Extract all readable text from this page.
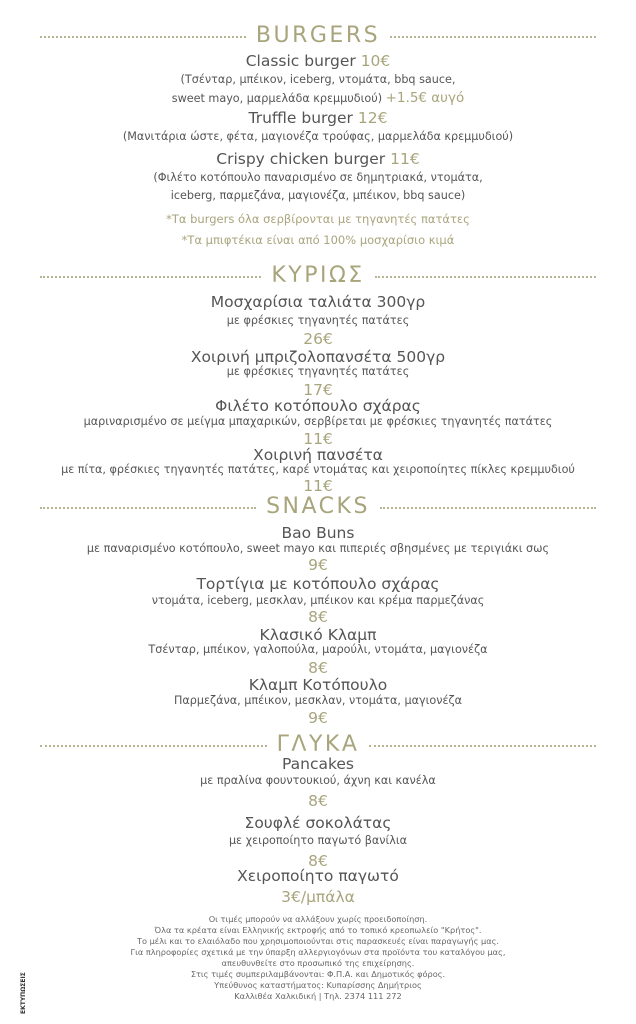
BURGERS
Classic burger 10€
(Τσένταρ, μπέικον, iceberg, ντομάτα, bbq sauce,
sweet mayo, μαρμελάδα κρεμμυδιού) +1.5€ αυγό
Truffle burger 12€
(Μανιτάρια ώστε, φέτα, μαγιονέζα τρούφας, μαρμελάδα κρεμμυδιού)
Crispy chicken burger 11€
(Φιλέτο κοτόπουλο παναρισμένο σε δημητριακά, ντομάτα,
iceberg, παρμεζάνα, μαγιονέζα, μπέικον, bbq sauce)
*Τα burgers όλα σερβίρονται με τηγανητές πατάτες
*Τα μπιφτέκια είναι από 100% μοσχαρίσιο κιμά
ΚΥΡΙΩΣ
Μοσχαρίσια ταλιάτα 300γρ
με φρέσκιες τηγανητές πατάτες
26€
Χοιρινή μπριζολοπανσέτα 500γρ
με φρέσκιες τηγανητές πατάτες
17€
Φιλέτο κοτόπουλο σχάρας
μαριναρισμένο σε μείγμα μπαχαρικών, σερβίρεται με φρέσκιες τηγανητές πατάτες
11€
Χοιρινή πανσέτα
με πίτα, φρέσκιες τηγανητές πατάτες, καρέ ντομάτας και χειροποίητες πίκλες κρεμμυδιού
11€
SNACKS
Bao Buns
με παναρισμένο κοτόπουλο, sweet mayo και πιπεριές σβησμένες με τεριγιάκι σως
9€
Τορτίγια με κοτόπουλο σχάρας
ντομάτα, iceberg, μεσκλαν, μπέικον και κρέμα παρμεζάνας
8€
Κλασικό Κλαμπ
Τσένταρ, μπέικον, γαλοπούλα, μαρούλι, ντομάτα, μαγιονέζα
8€
Κλαμπ Κοτόπουλο
Παρμεζάνα, μπέικον, μεσκλαν, ντομάτα, μαγιονέζα
9€
ΓΛΥΚΑ
Pancakes
με πραλίνα φουντουκιού, άχνη και κανέλα
8€
Σουφλέ σοκολάτας
με χειροποίητο παγωτό βανίλια
8€
Χειροποίητο παγωτό
3€/μπάλα
Οι τιμές μπορούν να αλλάξουν χωρίς προειδοποίηση.
Όλα τα κρέατα είναι Ελληνικής εκτροφής από το τοπικό κρεοπωλείο "Κρήτος".
Το μέλι και το ελαιόλαδο που χρησιμοποιούνται στις παρασκευές είναι παραγωγής μας.
Για πληροφορίες σχετικά με την ύπαρξη αλλεργιογόνων στα προϊόντα του καταλόγου μας,
απευθυνθείτε στο προσωπικό της επιχείρησης.
Στις τιμές συμπεριλαμβάνονται: Φ.Π.Α. και Δημοτικός φόρος.
Υπεύθυνος καταστήματος: Κυπαρίσσης Δημήτριος
Καλλιθέα Χαλκιδική | Τηλ. 2374 111 272
ΕΚΤΥΠΩΣΕΙΣ
